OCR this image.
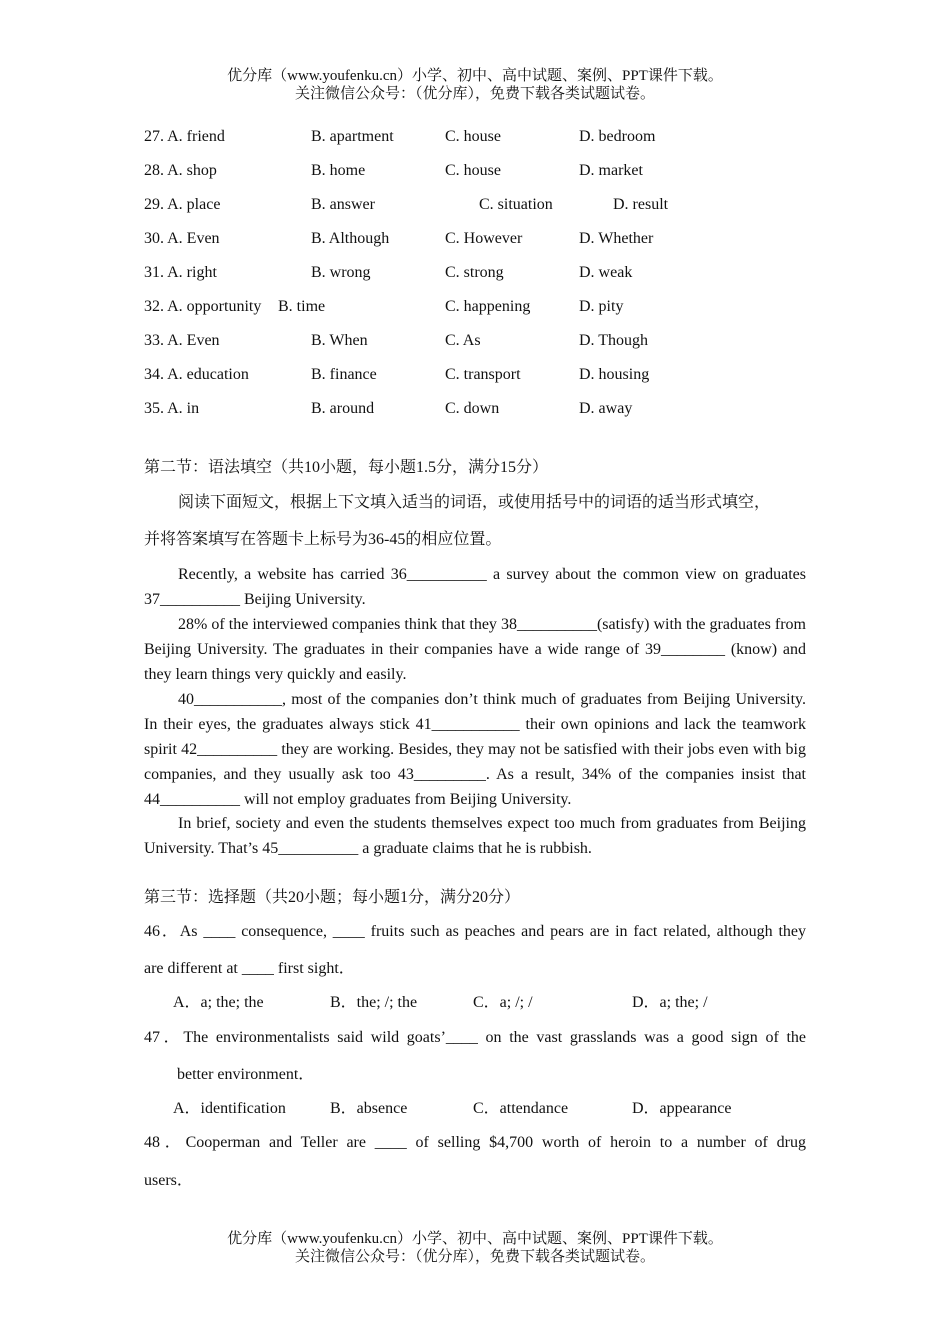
优分库（www.youfenku.cn）小学、初中、高中试题、案例、PPT课件下载。
关注微信公众号：（优分库），免费下载各类试题试卷。
27. A. friend	B. apartment	C. house	D. bedroom
28. A. shop	B. home	C. house	D. market
29. A. place	B. answer	C. situation	D. result
30. A. Even	B. Although	C. However	D. Whether
31. A. right	B. wrong	C. strong	D. weak
32. A. opportunity B. time	C. happening	D. pity
33. A. Even	B. When	C. As	D. Though
34. A. education	B. finance	C. transport	D. housing
35. A. in	B. around	C. down	D. away
第二节：语法填空（共10小题，每小题1.5分，满分15分）
阅读下面短文，根据上下文填入适当的词语，或使用括号中的词语的适当形式填空，
并将答案填写在答题卡上标号为36-45的相应位置。
Recently, a website has carried 36__________ a survey about the common view on graduates 37__________ Beijing University.
28% of the interviewed companies think that they 38__________(satisfy) with the graduates from Beijing University. The graduates in their companies have a wide range of 39________ (know) and they learn things very quickly and easily.
40___________, most of the companies don’t think much of graduates from Beijing University. In their eyes, the graduates always stick 41___________ their own opinions and lack the teamwork spirit 42__________ they are working. Besides, they may not be satisfied with their jobs even with big companies, and they usually ask too 43_________. As a result, 34% of the companies insist that 44__________ will not employ graduates from Beijing University.
In brief, society and even the students themselves expect too much from graduates from Beijing University. That’s 45__________ a graduate claims that he is rubbish.
第三节：选择题（共20小题；每小题1分，满分20分）
46．As ____ consequence, ____ fruits such as peaches and pears are in fact related, although they
are different at ____ first sight．
A．a; the; the	B．the; /; the	C．a; /; /	D．a; the; /
47．The environmentalists said wild goats’____ on the vast grasslands was a good sign of the
better environment．
A．identification	B．absence	C．attendance	D．appearance
48．Cooperman and Teller are ____ of selling $4,700 worth of heroin to a number of drug
users．
优分库（www.youfenku.cn）小学、初中、高中试题、案例、PPT课件下载。
关注微信公众号：（优分库），免费下载各类试题试卷。
